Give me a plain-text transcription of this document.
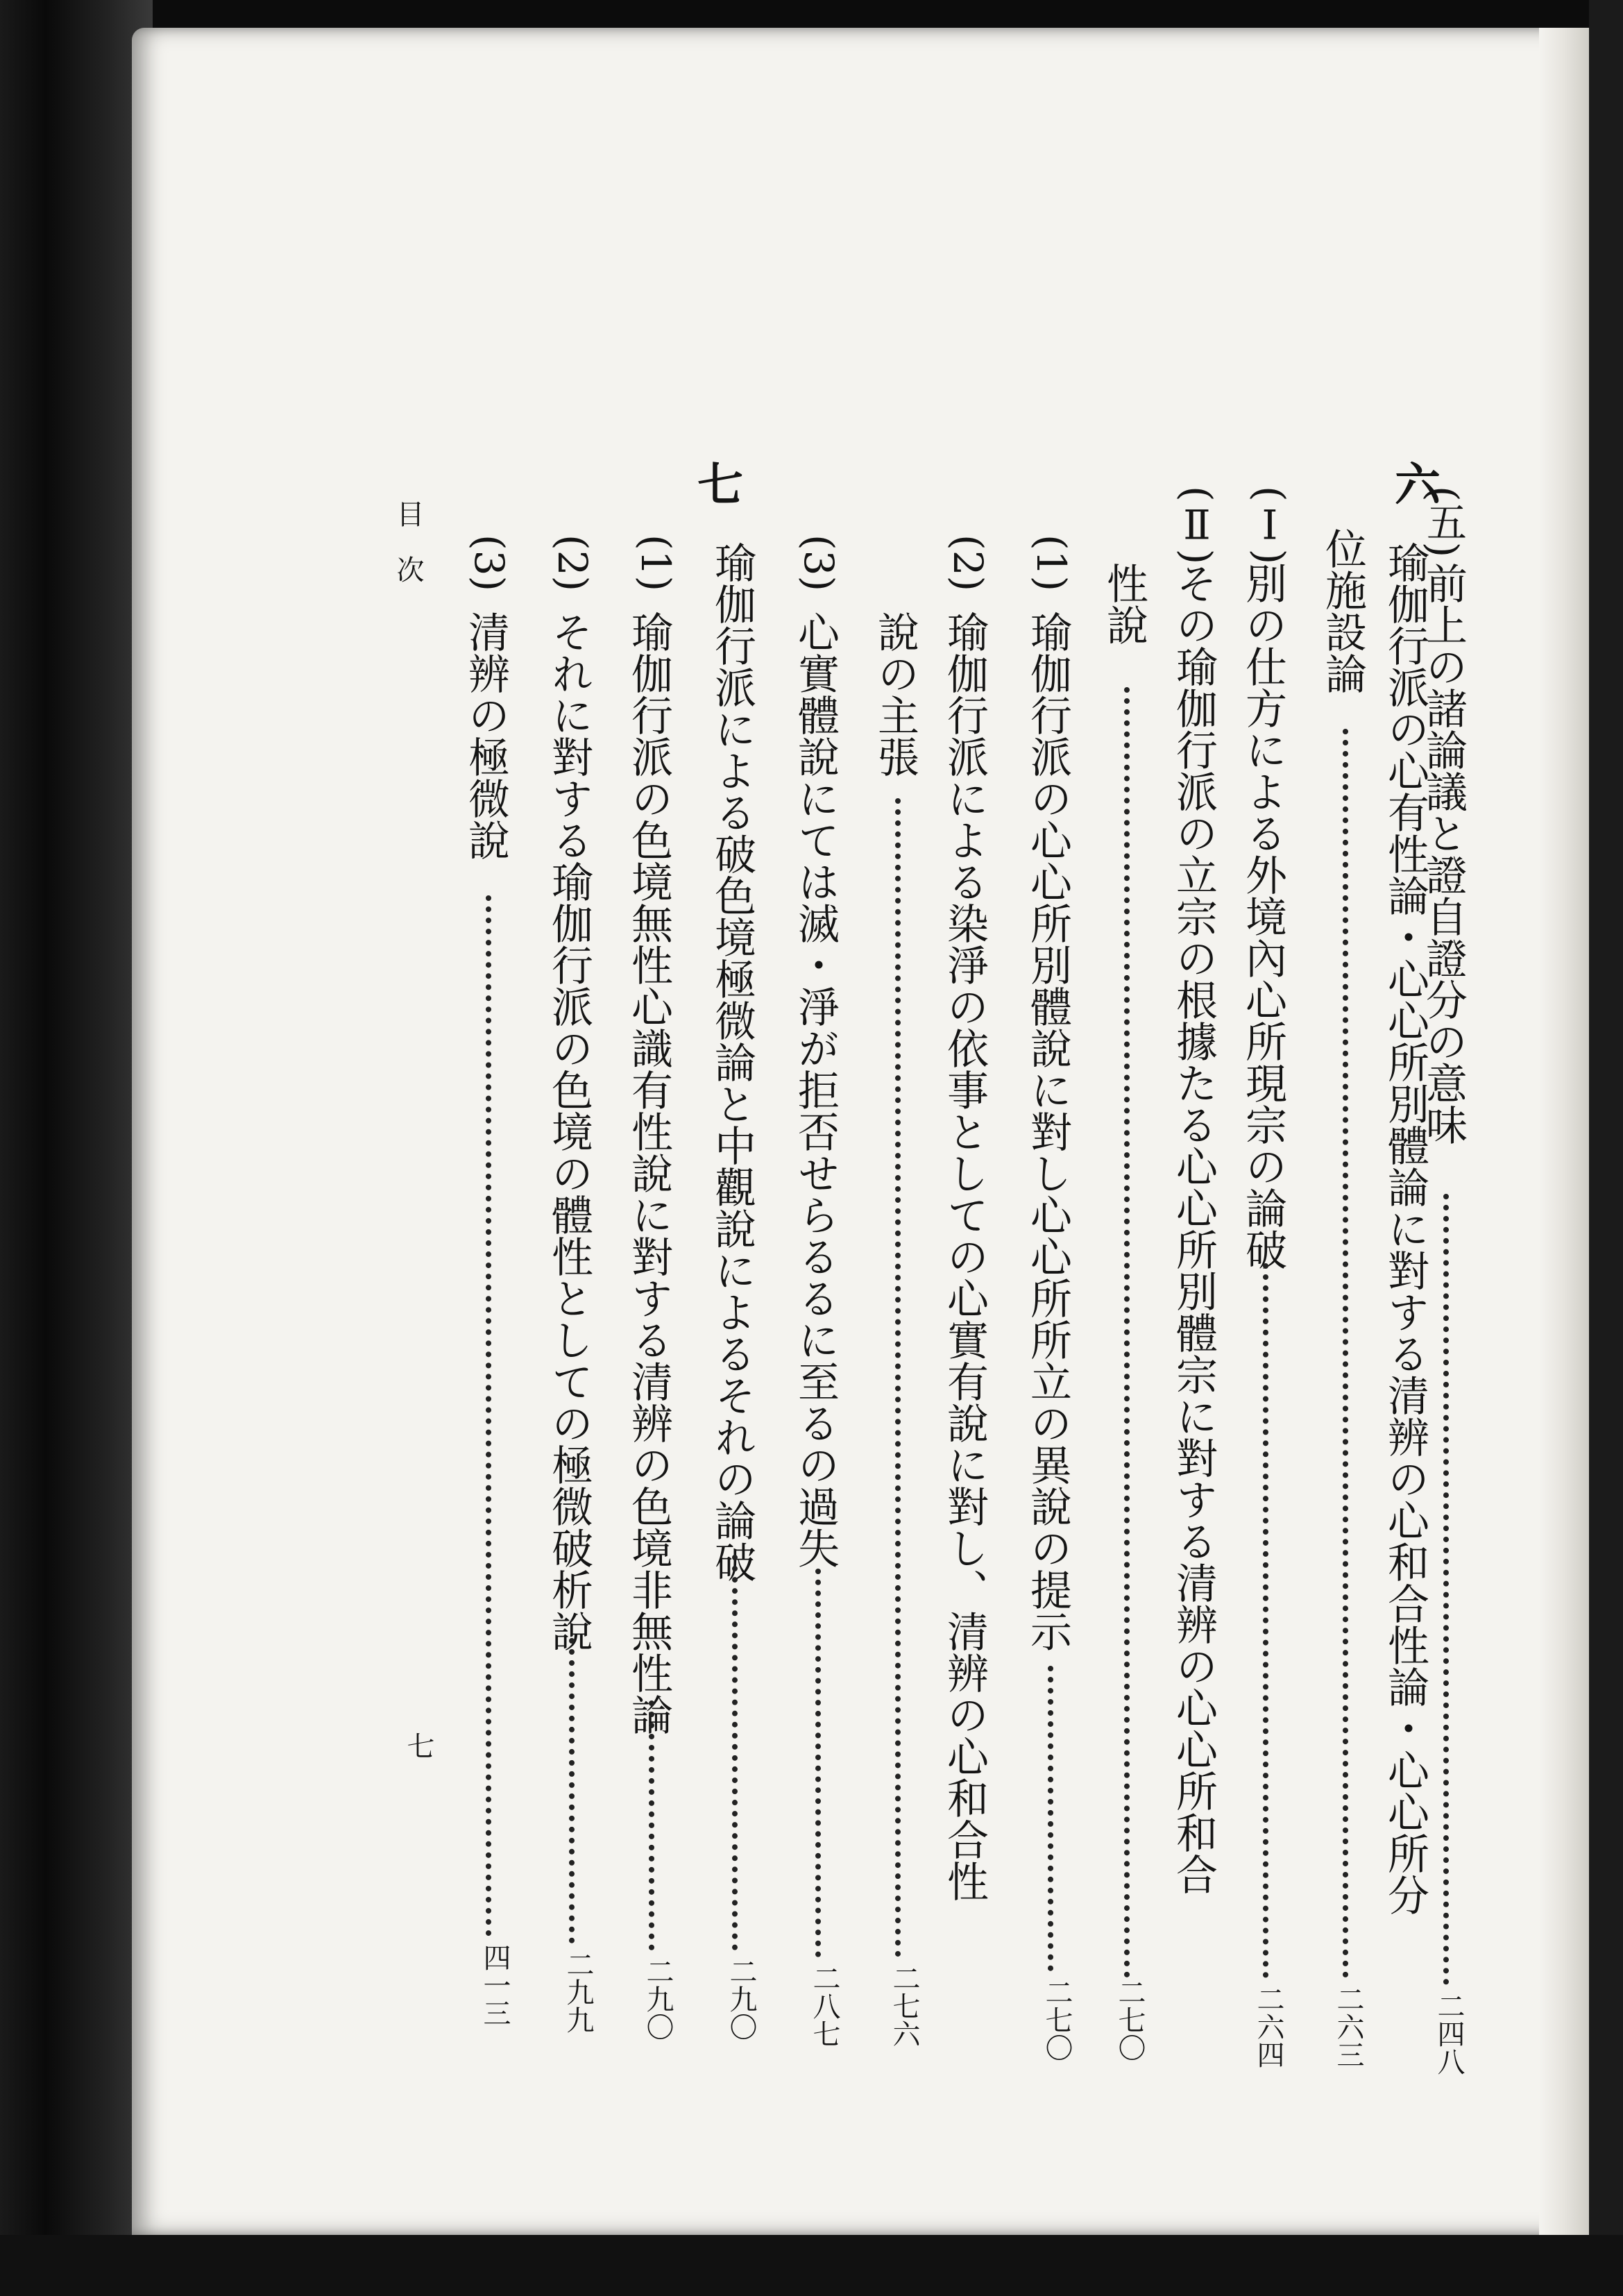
(五)
前上の諸論議と證自證分の意味
二四八
六
瑜伽行派の心有性論・心心所別體論に對する清辨の心和合性論・心心所分
位施設論
二六三
(Ⅰ)
別の仕方による外境內心所現宗の論破
二六四
(Ⅱ)
その瑜伽行派の立宗の根據たる心心所別體宗に對する清辨の心心所和合
性說
二七〇
(1)
瑜伽行派の心心所別體說に對し心心所所立の異說の提示
二七〇
(2)
瑜伽行派による染淨の依事としての心實有說に對し、清辨の心和合性
說の主張
二七六
(3)
心實體說にては滅・淨が拒否せらるるに至るの過失
二八七
七
瑜伽行派による破色境極微論と中觀說によるそれの論破
二九〇
(1)
瑜伽行派の色境無性心識有性說に對する清辨の色境非無性論
二九〇
(2)
それに對する瑜伽行派の色境の體性としての極微破析說
二九九
(3)
清辨の極微說
四一三
目　次
七
